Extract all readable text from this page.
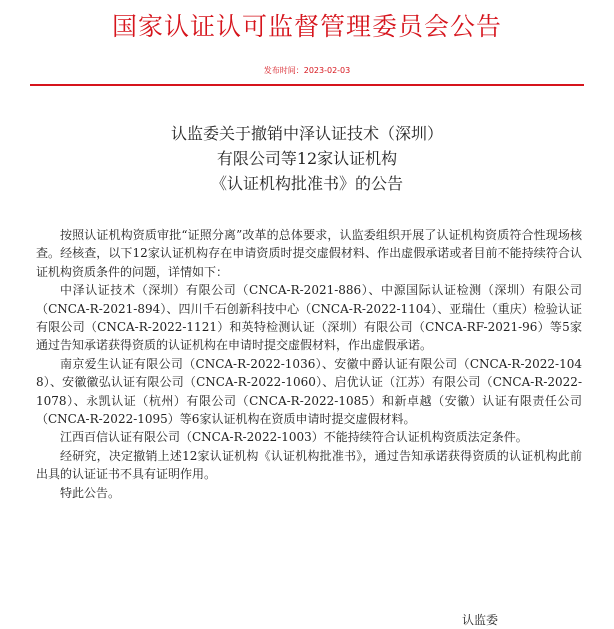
国家认证认可监督管理委员会公告
发布时间：2023-02-03
认监委关于撤销中泽认证技术（深圳）
有限公司等12家认证机构
《认证机构批准书》的公告

按照认证机构资质审批“证照分离”改革的总体要求，认监委组织开展了认证机构资质符合性现场核查。经核查，以下12家认证机构存在申请资质时提交虚假材料、作出虚假承诺或者目前不能持续符合认证机构资质条件的问题，详情如下：

中泽认证技术（深圳）有限公司（CNCA-R-2021-886）、中源国际认证检测（深圳）有限公司（CNCA-R-2021-894）、四川千石创新科技中心（CNCA-R-2022-1104）、亚瑞仕（重庆）检验认证有限公司（CNCA-R-2022-1121）和英特检测认证（深圳）有限公司（CNCA-RF-2021-96）等5家通过告知承诺获得资质的认证机构在申请时提交虚假材料，作出虚假承诺。

南京爱生认证有限公司（CNCA-R-2022-1036）、安徽中爵认证有限公司（CNCA-R-2022-1048）、安徽徽弘认证有限公司（CNCA-R-2022-1060）、启优认证（江苏）有限公司（CNCA-R-2022-1078）、永凯认证（杭州）有限公司（CNCA-R-2022-1085）和新卓越（安徽）认证有限责任公司（CNCA-R-2022-1095）等6家认证机构在资质申请时提交虚假材料。

江西百信认证有限公司（CNCA-R-2022-1003）不能持续符合认证机构资质法定条件。

经研究，决定撤销上述12家认证机构《认证机构批准书》，通过告知承诺获得资质的认证机构此前出具的认证证书不具有证明作用。

特此公告。

认监委
